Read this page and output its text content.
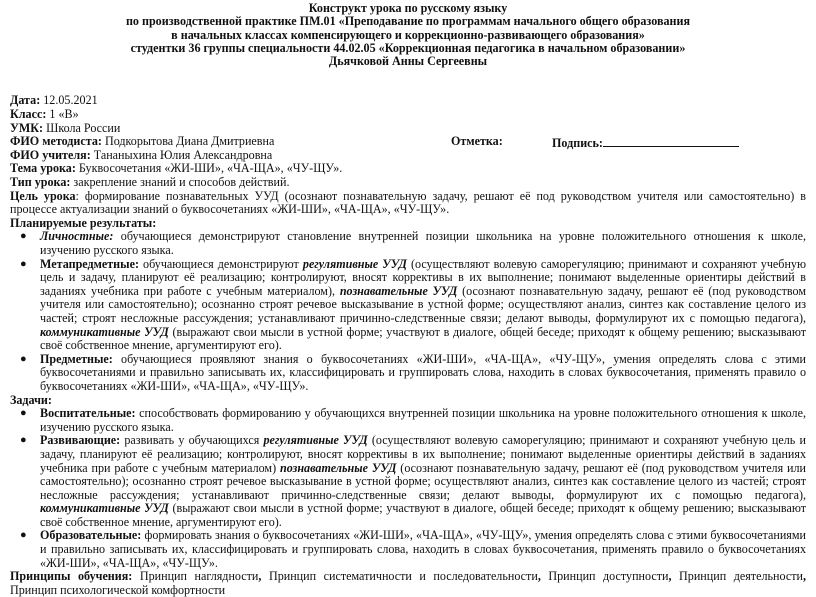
Конструкт урока по русскому языку
по производственной практике ПМ.01 «Преподавание по программам начального общего образования
в начальных классах компенсирующего и коррекционно-развивающего образования»
студентки 36 группы специальности 44.02.05 «Коррекционная педагогика в начальном образовании»
Дьячковой Анны Сергеевны

Дата: 12.05.2021

Класс: 1 «В»

УМК: Школа России

ФИО методиста: Подкорытова Диана Дмитриевна	Отметка:	Подпись:

ФИО учителя: Тананыхина Юлия Александровна

Тема урока: Буквосочетания «ЖИ-ШИ», «ЧА-ЩА», «ЧУ-ЩУ».

Тип урока: закрепление знаний и способов действий.

Цель урока: формирование познавательных УУД (осознают познавательную задачу, решают её под руководством учителя или самостоятельно) в процессе актуализации знаний о буквосочетаниях «ЖИ-ШИ», «ЧА-ЩА», «ЧУ-ЩУ».

Планируемые результаты:

● Личностные: обучающиеся демонстрируют становление внутренней позиции школьника на уровне положительного отношения к школе, изучению русского языка.
● Метапредметные: обучающиеся демонстрируют регулятивные УУД (осуществляют волевую саморегуляцию; принимают и сохраняют учебную цель и задачу, планируют её реализацию; контролируют, вносят коррективы в их выполнение; понимают выделенные ориентиры действий в заданиях учебника при работе с учебным материалом), познавательные УУД (осознают познавательную задачу, решают её (под руководством учителя или самостоятельно); осознанно строят речевое высказывание в устной форме; осуществляют анализ, синтез как составление целого из частей; строят несложные рассуждения; устанавливают причинно-следственные связи; делают выводы, формулируют их с помощью педагога), коммуникативные УУД (выражают свои мысли в устной форме; участвуют в диалоге, общей беседе; приходят к общему решению; высказывают своё собственное мнение, аргументируют его).
● Предметные: обучающиеся проявляют знания о буквосочетаниях «ЖИ-ШИ», «ЧА-ЩА», «ЧУ-ЩУ», умения определять слова с этими буквосочетаниями и правильно записывать их, классифицировать и группировать слова, находить в словах буквосочетания, применять правило о буквосочетаниях «ЖИ-ШИ», «ЧА-ЩА», «ЧУ-ЩУ».

Задачи:

● Воспитательные: способствовать формированию у обучающихся внутренней позиции школьника на уровне положительного отношения к школе, изучению русского языка.
● Развивающие: развивать у обучающихся регулятивные УУД (осуществляют волевую саморегуляцию; принимают и сохраняют учебную цель и задачу, планируют её реализацию; контролируют, вносят коррективы в их выполнение; понимают выделенные ориентиры действий в заданиях учебника при работе с учебным материалом) познавательные УУД (осознают познавательную задачу, решают её (под руководством учителя или самостоятельно); осознанно строят речевое высказывание в устной форме; осуществляют анализ, синтез как составление целого из частей; строят несложные рассуждения; устанавливают причинно-следственные связи; делают выводы, формулируют их с помощью педагога), коммуникативные УУД (выражают свои мысли в устной форме; участвуют в диалоге, общей беседе; приходят к общему решению; высказывают своё собственное мнение, аргументируют его).
● Образовательные: формировать знания о буквосочетаниях «ЖИ-ШИ», «ЧА-ЩА», «ЧУ-ЩУ», умения определять слова с этими буквосочетаниями и правильно записывать их, классифицировать и группировать слова, находить в словах буквосочетания, применять правило о буквосочетаниях «ЖИ-ШИ», «ЧА-ЩА», «ЧУ-ЩУ».

Принципы обучения: Принцип наглядности, Принцип систематичности и последовательности, Принцип доступности, Принцип деятельности, Принцип психологической комфортности
